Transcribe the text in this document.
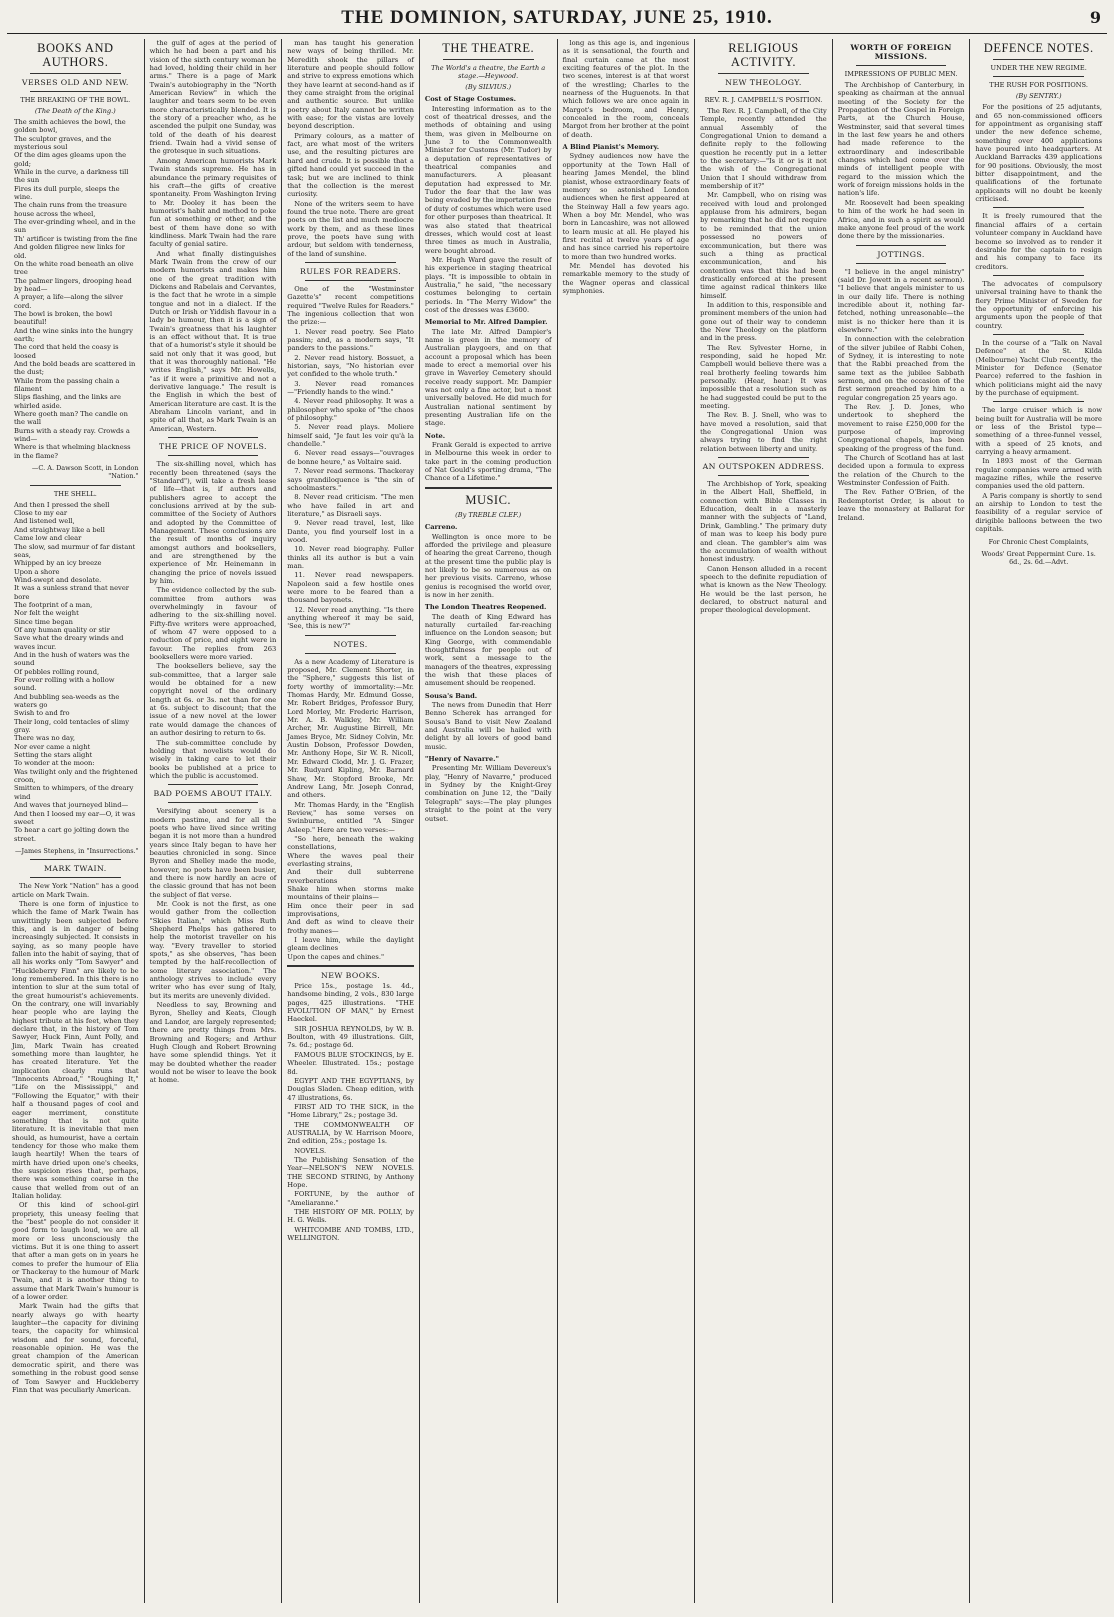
THE DOMINION, SATURDAY, JUNE 25, 1910.	9
BOOKS AND AUTHORS.
VERSES OLD AND NEW.
THE BREAKING OF THE BOWL.
(The Death of the King.)
The smith achieves the bowl, the golden bowl,
The sculptor graves, and the mysterious soul
Of the dim ages gleams upon the gold;
While in the curve, a darkness till the sun
Fires its dull purple, sleeps the wine.
The chain runs from the treasure house across the wheel,
The ever-grinding wheel, and in the sun
Th' artificer is twisting from the fine
And golden filigree new links for old.
On the white road beneath an olive tree
The palmer lingers, drooping head by head—
A prayer, a life—along the silver cord.
The bowl is broken, the bowl beautiful!
And the wine sinks into the hungry earth;
The cord that held the coasy is loosed
And the bold beads are scattered in the dust;
While from the passing chain a filament
Slips flashing, and the links are whirled aside.
Where goeth man? The candle on the wall
Burns with a steady ray. Crowds a wind—
Where is that whelming blackness in the flame?
—C. A. Dawson Scott, in London "Nation."
THE SHELL.
And then I pressed the shell
Close to my ear
And listened well,
And straightway like a bell
Came low and clear
The slow, sad murmur of far distant seas,
Whipped by an icy breeze
Upon a shore
Wind-swept and desolate.
It was a sunless strand that never bore
The footprint of a man,
Nor felt the weight
Since time began
Of any human quality or stir
Save what the dreary winds and waves incur.
And in the hush of waters was the sound
Of pebbles rolling round,
For ever rolling with a hollow sound.
And bubbling sea-weeds as the waters go
Swish to and fro
Their long, cold tentacles of slimy gray.
There was no day,
Nor ever came a night
Setting the stars alight
To wonder at the moon:
Was twilight only and the frightened croon,
Smitten to whimpers, of the dreary wind
And waves that journeyed blind—
And then I loosed my ear—O, it was sweet
To hear a cart go jolting down the street.
—James Stephens, in "Insurrections."
MARK TWAIN.

The New York "Nation" has a good article on Mark Twain.

There is one form of injustice to which the fame of Mark Twain has unwittingly been subjected before this, and is in danger of being increasingly subjected. It consists in saying, as so many people have fallen into the habit of saying, that of all his works only "Tom Sawyer" and "Huckleberry Finn" are likely to be long remembered. In this there is no intention to slur at the sum total of the great humourist's achievements. On the contrary, one will invariably hear people who are laying the highest tribute at his feet, when they declare that, in the history of Tom Sawyer, Huck Finn, Aunt Polly, and Jim, Mark Twain has created something more than laughter, he has created literature. Yet the implication clearly runs that "Innocents Abroad," "Roughing It," "Life on the Mississippi," and "Following the Equator," with their half a thousand pages of cool and eager merriment, constitute something that is not quite literature. It is inevitable that men should, as humourist, have a certain tendency for those who make them laugh heartily! When the tears of mirth have dried upon one's cheeks, the suspicion rises that, perhaps, there was something coarse in the cause that welled from out of an Italian holiday.

Of this kind of school-girl propriety, this uneasy feeling that the "best" people do not consider it good form to laugh loud, we are all more or less unconsciously the victims. But it is one thing to assert that after a man gets on in years he comes to prefer the humour of Elia or Thackeray to the humour of Mark Twain, and it is another thing to assume that Mark Twain's humour is of a lower order.

Mark Twain had the gifts that nearly always go with hearty laughter—the capacity for divining tears, the capacity for whimsical wisdom and for sound, forceful, reasonable opinion. He was the great champion of the American democratic spirit, and there was something in the robust good sense of Tom Sawyer and Huckleberry Finn that was peculiarly American.

the gulf of ages at the period of which he had been a part and his vision of the sixth century woman he had loved, holding their child in her arms." There is a page of Mark Twain's autobiography in the "North American Review" in which the laughter and tears seem to be even more characteristically blended. It is the story of a preacher who, as he ascended the pulpit one Sunday, was told of the death of his dearest friend. Twain had a vivid sense of the grotesque in such situations.

Among American humorists Mark Twain stands supreme. He has in abundance the primary requisites of his craft—the gifts of creative spontaneity. From Washington Irving to Mr. Dooley it has been the humorist's habit and method to poke fun at something or other, and the best of them have done so with kindliness. Mark Twain had the rare faculty of genial satire.

And what finally distinguishes Mark Twain from the crew of our modern humorists and makes him one of the great tradition with Dickens and Rabelais and Cervantes, is the fact that he wrote in a simple tongue and not in a dialect. If the Dutch or Irish or Yiddish flavour in a lady be humour, then it is a sign of Twain's greatness that his laughter is an effect without that. It is true that of a humorist's style it should be said not only that it was good, but that it was thoroughly national. "He writes English," says Mr. Howells, "as if it were a primitive and not a derivative language." The result is the English in which the best of American literature are cast. It is the Abraham Lincoln variant, and in spite of all that, as Mark Twain is an American, Western.

THE PRICE OF NOVELS.

The six-shilling novel, which has recently been threatened (says the "Standard"), will take a fresh lease of life—that is, if authors and publishers agree to accept the conclusions arrived at by the sub-committee of the Society of Authors and adopted by the Committee of Management. These conclusions are the result of months of inquiry amongst authors and booksellers, and are strengthened by the experience of Mr. Heinemann in changing the price of novels issued by him.

The evidence collected by the sub-committee from authors was overwhelmingly in favour of adhering to the six-shilling novel. Fifty-five writers were approached, of whom 47 were opposed to a reduction of price, and eight were in favour. The replies from 263 booksellers were more varied.

The booksellers believe, say the sub-committee, that a larger sale would be obtained for a new copyright novel of the ordinary length at 6s. or 3s. net than for one at 6s. subject to discount; that the issue of a new novel at the lower rate would damage the chances of an author desiring to return to 6s.

The sub-committee conclude by holding that novelists would do wisely in taking care to let their books be published at a price to which the public is accustomed.

BAD POEMS ABOUT ITALY.

Versifying about scenery is a modern pastime, and for all the poets who have lived since writing began it is not more than a hundred years since Italy began to have her beauties chronicled in song. Since Byron and Shelley made the mode, however, no poets have been busier, and there is now hardly an acre of the classic ground that has not been the subject of flat verse.

Mr. Cook is not the first, as one would gather from the collection "Skies Italian," which Miss Ruth Shepherd Phelps has gathered to help the motorist traveller on his way. "Every traveller to storied spots," as she observes, "has been tempted by the half-recollection of some literary association." The anthology strives to include every writer who has ever sung of Italy, but its merits are unevenly divided.

Needless to say, Browning and Byron, Shelley and Keats, Clough and Landor, are largely represented; there are pretty things from Mrs. Browning and Rogers; and Arthur Hugh Clough and Robert Browning have some splendid things. Yet it may be doubted whether the reader would not be wiser to leave the book at home.

man has taught his generation new ways of being thrilled. Mr. Meredith shook the pillars of literature and people should follow and strive to express emotions which they have learnt at second-hand as if they came straight from the original and authentic source. But unlike poetry about Italy cannot be written with ease; for the vistas are lovely beyond description.

Primary colours, as a matter of fact, are what most of the writers use, and the resulting pictures are hard and crude. It is possible that a gifted hand could yet succeed in the task; but we are inclined to think that the collection is the merest curiosity.

None of the writers seem to have found the true note. There are great poets on the list and much mediocre work by them, and as these lines prove, the poets have sung with ardour, but seldom with tenderness, of the land of sunshine.

RULES FOR READERS.

One of the "Westminster Gazette's" recent competitions required "Twelve Rules for Readers." The ingenious collection that won the prize:—

1. Never read poetry. See Plato passim; and, as a modern says, "It panders to the passions."

2. Never read history. Bossuet, a historian, says, "No historian ever yet confided to the whole truth."

3. Never read romances—"Friendly hands to the wind."

4. Never read philosophy. It was a philosopher who spoke of "the chaos of philosophy."

5. Never read plays. Moliere himself said, "Je faut les voir qu'à la chandelle."

6. Never read essays—"ouvrages de bonne heure," as Voltaire said.

7. Never read sermons. Thackeray says grandiloquence is "the sin of schoolmasters."

8. Never read criticism. "The men who have failed in art and literature," as Disraeli says.

9. Never read travel, lest, like Dante, you find yourself lost in a wood.

10. Never read biography. Fuller thinks all its author is but a vain man.

11. Never read newspapers. Napoleon said a few hostile ones were more to be feared than a thousand bayonets.

12. Never read anything. "Is there anything whereof it may be said, 'See, this is new'?"

NOTES.

As a new Academy of Literature is proposed, Mr. Clement Shorter, in the "Sphere," suggests this list of forty worthy of immortality:—Mr. Thomas Hardy, Mr. Edmund Gosse, Mr. Robert Bridges, Professor Bury, Lord Morley, Mr. Frederic Harrison, Mr. A. B. Walkley, Mr. William Archer, Mr. Augustine Birrell, Mr. James Bryce, Mr. Sidney Colvin, Mr. Austin Dobson, Professor Dowden, Mr. Anthony Hope, Sir W. R. Nicoll, Mr. Edward Clodd, Mr. J. G. Frazer, Mr. Rudyard Kipling, Mr. Barnard Shaw, Mr. Stopford Brooke, Mr. Andrew Lang, Mr. Joseph Conrad, and others.

Mr. Thomas Hardy, in the "English Review," has some verses on Swinburne, entitled "A Singer Asleep." Here are two verses:—

"So here, beneath the waking constellations,
Where the waves peal their everlasting strains,
And their dull subterrene reverberations
Shake him when storms make mountains of their plains—
Him once their peer in sad improvisations,
And deft as wind to cleave their frothy manes—

I leave him, while the daylight gleam declines
Upon the capes and chines."

NEW BOOKS.

Price 15s., postage 1s. 4d., handsome binding, 2 vols., 830 large pages, 425 illustrations. "THE EVOLUTION OF MAN," by Ernest Haeckel.

SIR JOSHUA REYNOLDS, by W. B. Boulton, with 49 illustrations. Gilt, 7s. 6d.; postage 6d.

FAMOUS BLUE STOCKINGS, by E. Wheeler. Illustrated. 15s.; postage 8d.

EGYPT AND THE EGYPTIANS, by Douglas Sladen. Cheap edition, with 47 illustrations, 6s.

FIRST AID TO THE SICK, in the "Home Library," 2s.; postage 3d.

THE COMMONWEALTH OF AUSTRALIA, by W. Harrison Moore, 2nd edition, 25s.; postage 1s.

NOVELS.

The Publishing Sensation of the Year—NELSON'S NEW NOVELS. THE SECOND STRING, by Anthony Hope.

FORTUNE, by the author of "Ameliaranne."

THE HISTORY OF MR. POLLY, by H. G. Wells.

WHITCOMBE AND TOMBS, LTD., WELLINGTON.

THE THEATRE.
The World's a theatre, the Earth a stage.—Heywood.
(By SILVIUS.)
Cost of Stage Costumes.

Interesting information as to the cost of theatrical dresses, and the methods of obtaining and using them, was given in Melbourne on June 3 to the Commonwealth Minister for Customs (Mr. Tudor) by a deputation of representatives of theatrical companies and manufacturers. A pleasant deputation had expressed to Mr. Tudor the fear that the law was being evaded by the importation free of duty of costumes which were used for other purposes than theatrical. It was also stated that theatrical dresses, which would cost at least three times as much in Australia, were bought abroad.

Mr. Hugh Ward gave the result of his experience in staging theatrical plays. "It is impossible to obtain in Australia," he said, "the necessary costumes belonging to certain periods. In "The Merry Widow" the cost of the dresses was £3600.

Memorial to Mr. Alfred Dampier.

The late Mr. Alfred Dampier's name is green in the memory of Australian playgoers, and on that account a proposal which has been made to erect a memorial over his grave in Waverley Cemetery should receive ready support. Mr. Dampier was not only a fine actor, but a most universally beloved. He did much for Australian national sentiment by presenting Australian life on the stage.

Note.

Frank Gerald is expected to arrive in Melbourne this week in order to take part in the coming production of Nat Gould's sporting drama, "The Chance of a Lifetime."

MUSIC.
(By TREBLE CLEF.)
Carreno.

Wellington is once more to be afforded the privilege and pleasure of hearing the great Carreno, though at the present time the public play is not likely to be so numerous as on her previous visits. Carreno, whose genius is recognised the world over, is now in her zenith.

The London Theatres Reopened.

The death of King Edward has naturally curtailed far-reaching influence on the London season; but King George, with commendable thoughtfulness for people out of work, sent a message to the managers of the theatres, expressing the wish that these places of amusement should be reopened.

Sousa's Band.

The news from Dunedin that Herr Benno Scherek has arranged for Sousa's Band to visit New Zealand and Australia will be hailed with delight by all lovers of good band music.

"Henry of Navarre."

Presenting Mr. William Devereux's play, "Henry of Navarre," produced in Sydney by the Knight-Grey combination on June 12, the "Daily Telegraph" says:—The play plunges straight to the point at the very outset.

long as this age is, and ingenious as it is sensational, the fourth and final curtain came at the most exciting features of the plot. In the two scenes, interest is at that worst of the wrestling; Charles to the nearness of the Huguenots. In that which follows we are once again in Margot's bedroom, and Henry, concealed in the room, conceals Margot from her brother at the point of death.

A Blind Pianist's Memory.

Sydney audiences now have the opportunity at the Town Hall of hearing James Mendel, the blind pianist, whose extraordinary feats of memory so astonished London audiences when he first appeared at the Steinway Hall a few years ago. When a boy Mr. Mendel, who was born in Lancashire, was not allowed to learn music at all. He played his first recital at twelve years of age and has since carried his repertoire to more than two hundred works.

Mr. Mendel has devoted his remarkable memory to the study of the Wagner operas and classical symphonies.

RELIGIOUS ACTIVITY.
NEW THEOLOGY.
REV. R. J. CAMPBELL'S POSITION.

The Rev. R. J. Campbell, of the City Temple, recently attended the annual Assembly of the Congregational Union to demand a definite reply to the following question he recently put in a letter to the secretary:—"Is it or is it not the wish of the Congregational Union that I should withdraw from membership of it?"

Mr. Campbell, who on rising was received with loud and prolonged applause from his admirers, began by remarking that he did not require to be reminded that the union possessed no powers of excommunication, but there was such a thing as practical excommunication, and his contention was that this had been drastically enforced at the present time against radical thinkers like himself.

In addition to this, responsible and prominent members of the union had gone out of their way to condemn the New Theology on the platform and in the press.

The Rev. Sylvester Horne, in responding, said he hoped Mr. Campbell would believe there was a real brotherly feeling towards him personally. (Hear, hear.) It was impossible that a resolution such as he had suggested could be put to the meeting.

The Rev. B. J. Snell, who was to have moved a resolution, said that the Congregational Union was always trying to find the right relation between liberty and unity.

AN OUTSPOKEN ADDRESS.

The Archbishop of York, speaking in the Albert Hall, Sheffield, in connection with Bible Classes in Education, dealt in a masterly manner with the subjects of "Land, Drink, Gambling." The primary duty of man was to keep his body pure and clean. The gambler's aim was the accumulation of wealth without honest industry.

Canon Henson alluded in a recent speech to the definite repudiation of what is known as the New Theology. He would be the last person, he declared, to obstruct natural and proper theological development.

WORTH OF FOREIGN MISSIONS.
IMPRESSIONS OF PUBLIC MEN.

The Archbishop of Canterbury, in speaking as chairman at the annual meeting of the Society for the Propagation of the Gospel in Foreign Parts, at the Church House, Westminster, said that several times in the last few years he and others had made reference to the extraordinary and indescribable changes which had come over the minds of intelligent people with regard to the mission which the work of foreign missions holds in the nation's life.

Mr. Roosevelt had been speaking to him of the work he had seen in Africa, and in such a spirit as would make anyone feel proud of the work done there by the missionaries.

JOTTINGS.

"I believe in the angel ministry" (said Dr. Jowett in a recent sermon). "I believe that angels minister to us in our daily life. There is nothing incredible about it, nothing far-fetched, nothing unreasonable—the mist is no thicker here than it is elsewhere."

In connection with the celebration of the silver jubilee of Rabbi Cohen, of Sydney, it is interesting to note that the Rabbi preached from the same text as the jubilee Sabbath sermon, and on the occasion of the first sermon preached by him to a regular congregation 25 years ago.

The Rev. J. D. Jones, who undertook to shepherd the movement to raise £250,000 for the purpose of improving Congregational chapels, has been speaking of the progress of the fund.

The Church of Scotland has at last decided upon a formula to express the relation of the Church to the Westminster Confession of Faith.

The Rev. Father O'Brien, of the Redemptorist Order, is about to leave the monastery at Ballarat for Ireland.

DEFENCE NOTES.
UNDER THE NEW REGIME.
THE RUSH FOR POSITIONS.
(By SENTRY.)

For the positions of 25 adjutants, and 65 non-commissioned officers for appointment as organising staff under the new defence scheme, something over 400 applications have poured into headquarters. At Auckland Barracks 439 applications for 90 positions. Obviously, the most bitter disappointment, and the qualifications of the fortunate applicants will no doubt be keenly criticised.

It is freely rumoured that the financial affairs of a certain volunteer company in Auckland have become so involved as to render it desirable for the captain to resign and his company to face its creditors.

The advocates of compulsory universal training have to thank the fiery Prime Minister of Sweden for the opportunity of enforcing his arguments upon the people of that country.

In the course of a "Talk on Naval Defence" at the St. Kilda (Melbourne) Yacht Club recently, the Minister for Defence (Senator Pearce) referred to the fashion in which politicians might aid the navy by the purchase of equipment.

The large cruiser which is now being built for Australia will be more or less of the Bristol type—something of a three-funnel vessel, with a speed of 25 knots, and carrying a heavy armament.

In 1893 most of the German regular companies were armed with magazine rifles, while the reserve companies used the old pattern.

A Paris company is shortly to send an airship to London to test the feasibility of a regular service of dirigible balloons between the two capitals.

For Chronic Chest Complaints,
Woods' Great Peppermint Cure. 1s. 6d., 2s. 6d.—Advt.
